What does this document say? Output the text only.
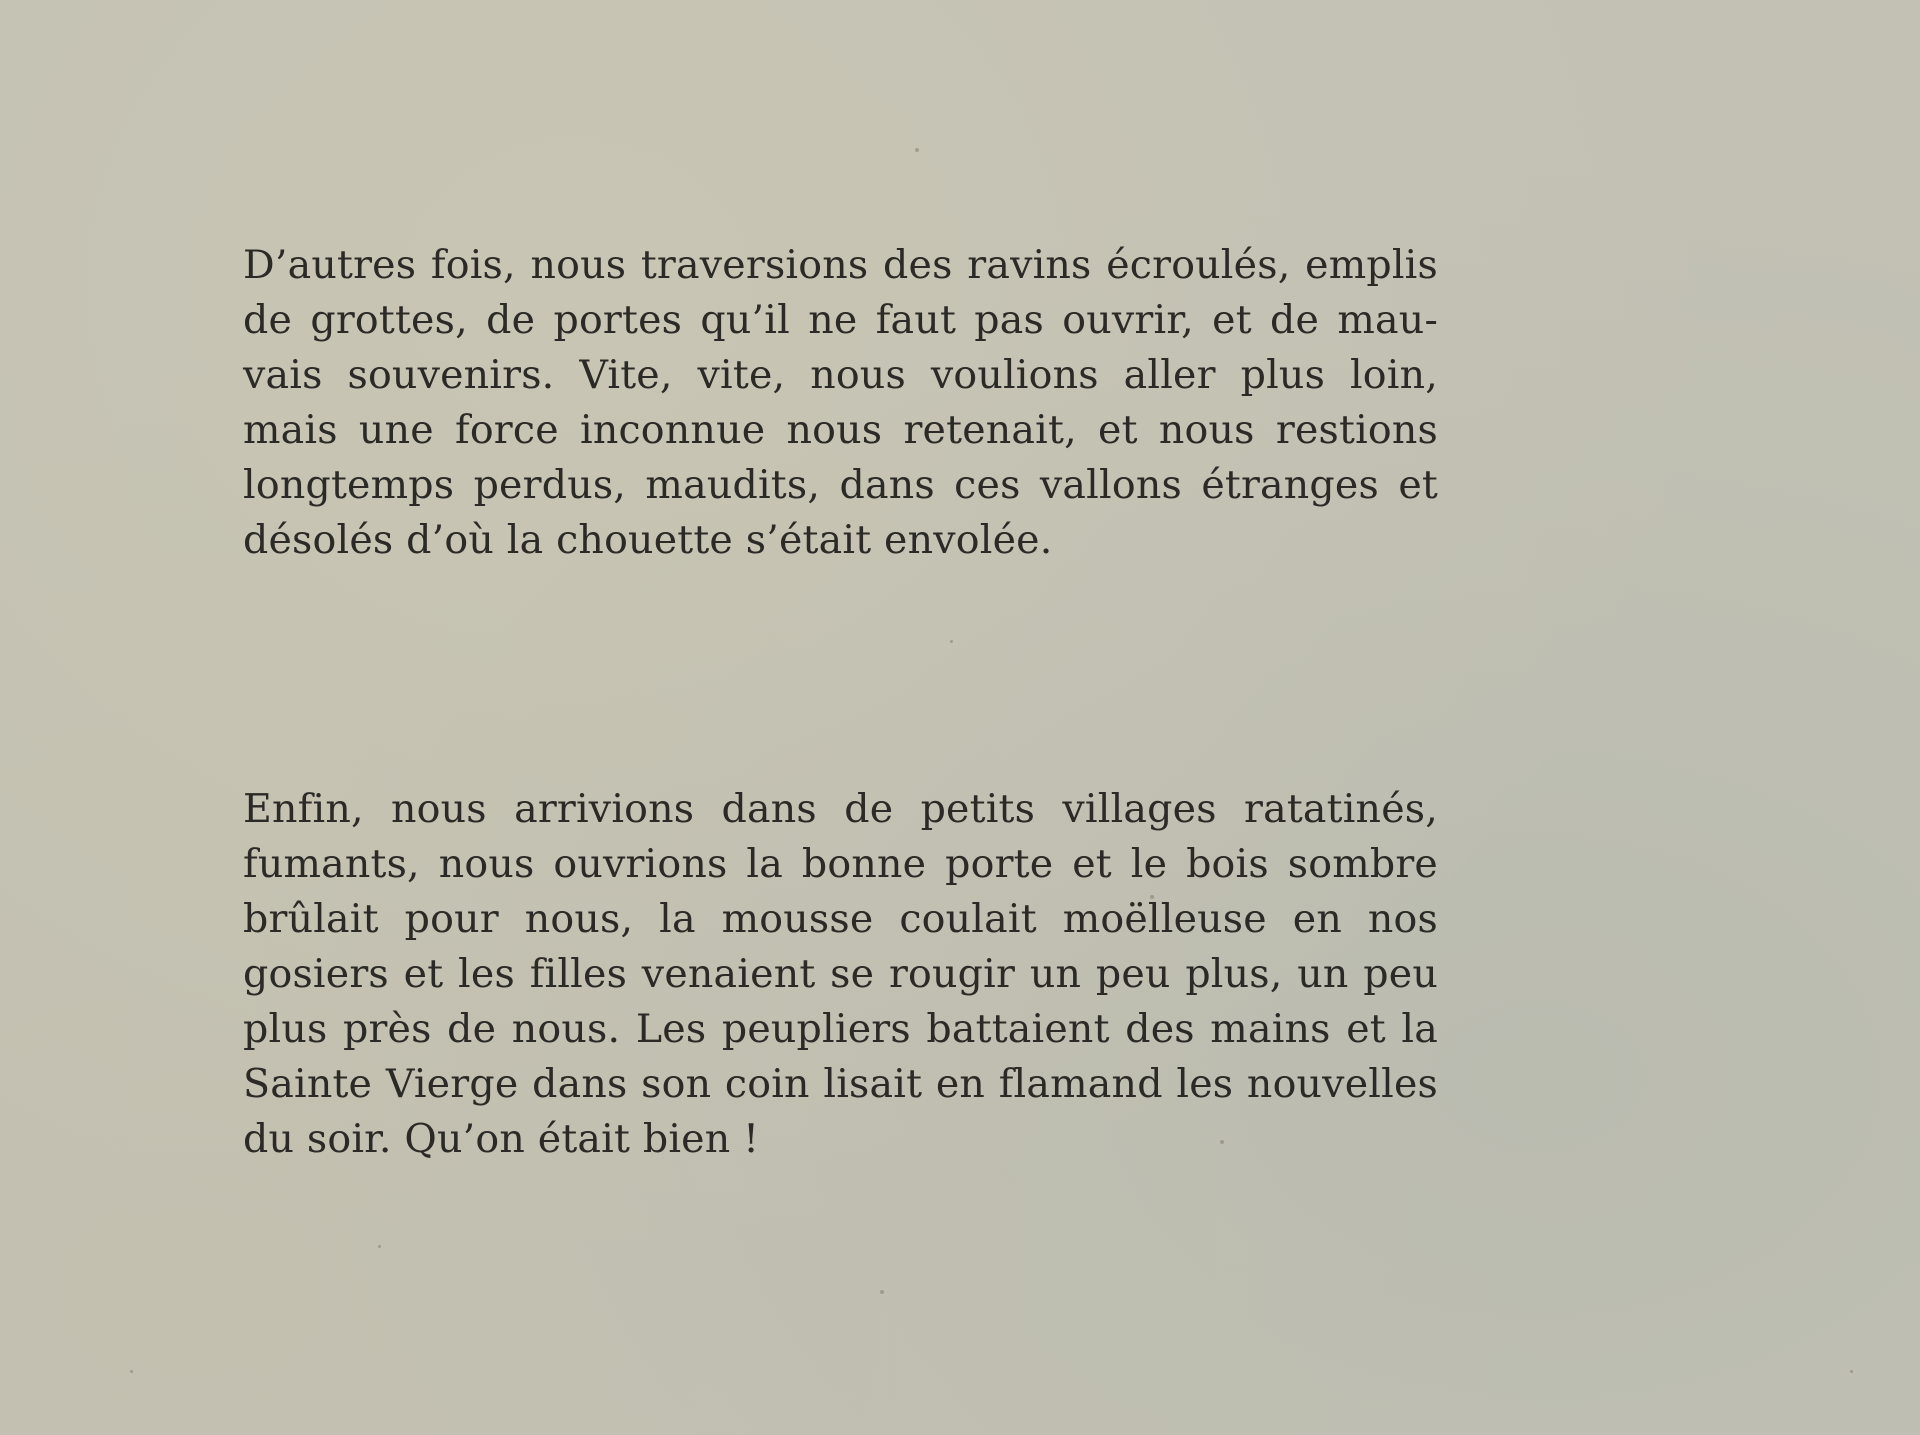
D’autres fois, nous traversions des ravins écroulés, emplis
de grottes, de portes qu’il ne faut pas ouvrir, et de mau-
vais souvenirs. Vite, vite, nous voulions aller plus loin,
mais une force inconnue nous retenait, et nous restions
longtemps perdus, maudits, dans ces vallons étranges et
désolés d’où la chouette s’était envolée.

Enfin, nous arrivions dans de petits villages ratatinés,
fumants, nous ouvrions la bonne porte et le bois sombre
brûlait pour nous, la mousse coulait moëlleuse en nos
gosiers et les filles venaient se rougir un peu plus, un peu
plus près de nous. Les peupliers battaient des mains et la
Sainte Vierge dans son coin lisait en flamand les nouvelles
du soir. Qu’on était bien !
